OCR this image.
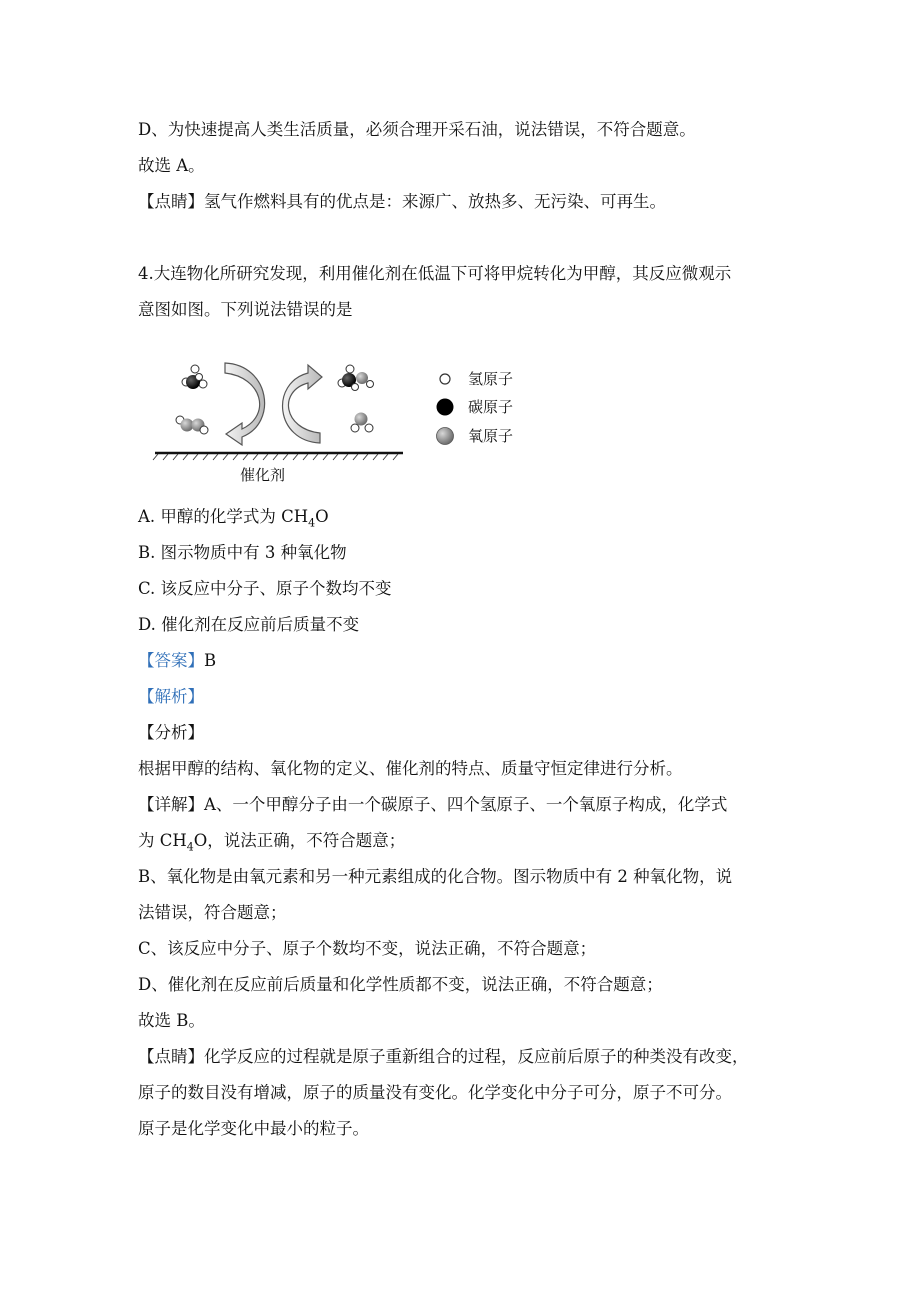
D、为快速提高人类生活质量，必须合理开采石油，说法错误，不符合题意。
故选 A。
【点睛】氢气作燃料具有的优点是：来源广、放热多、无污染、可再生。
4.大连物化所研究发现，利用催化剂在低温下可将甲烷转化为甲醇，其反应微观示
意图如图。下列说法错误的是
催化剂
氢原子
碳原子
氧原子
A. 甲醇的化学式为 $CH_4O$
B. 图示物质中有 3 种氧化物
C. 该反应中分子、原子个数均不变
D. 催化剂在反应前后质量不变
【答案】B
【解析】
【分析】
根据甲醇的结构、氧化物的定义、催化剂的特点、质量守恒定律进行分析。
【详解】A、一个甲醇分子由一个碳原子、四个氢原子、一个氧原子构成，化学式
为 $CH_4O$，说法正确，不符合题意；
B、氧化物是由氧元素和另一种元素组成的化合物。图示物质中有 2 种氧化物，说
法错误，符合题意；
C、该反应中分子、原子个数均不变，说法正确，不符合题意；
D、催化剂在反应前后质量和化学性质都不变，说法正确，不符合题意；
故选 B。
【点睛】化学反应的过程就是原子重新组合的过程，反应前后原子的种类没有改变，
原子的数目没有增减，原子的质量没有变化。化学变化中分子可分，原子不可分。
原子是化学变化中最小的粒子。
